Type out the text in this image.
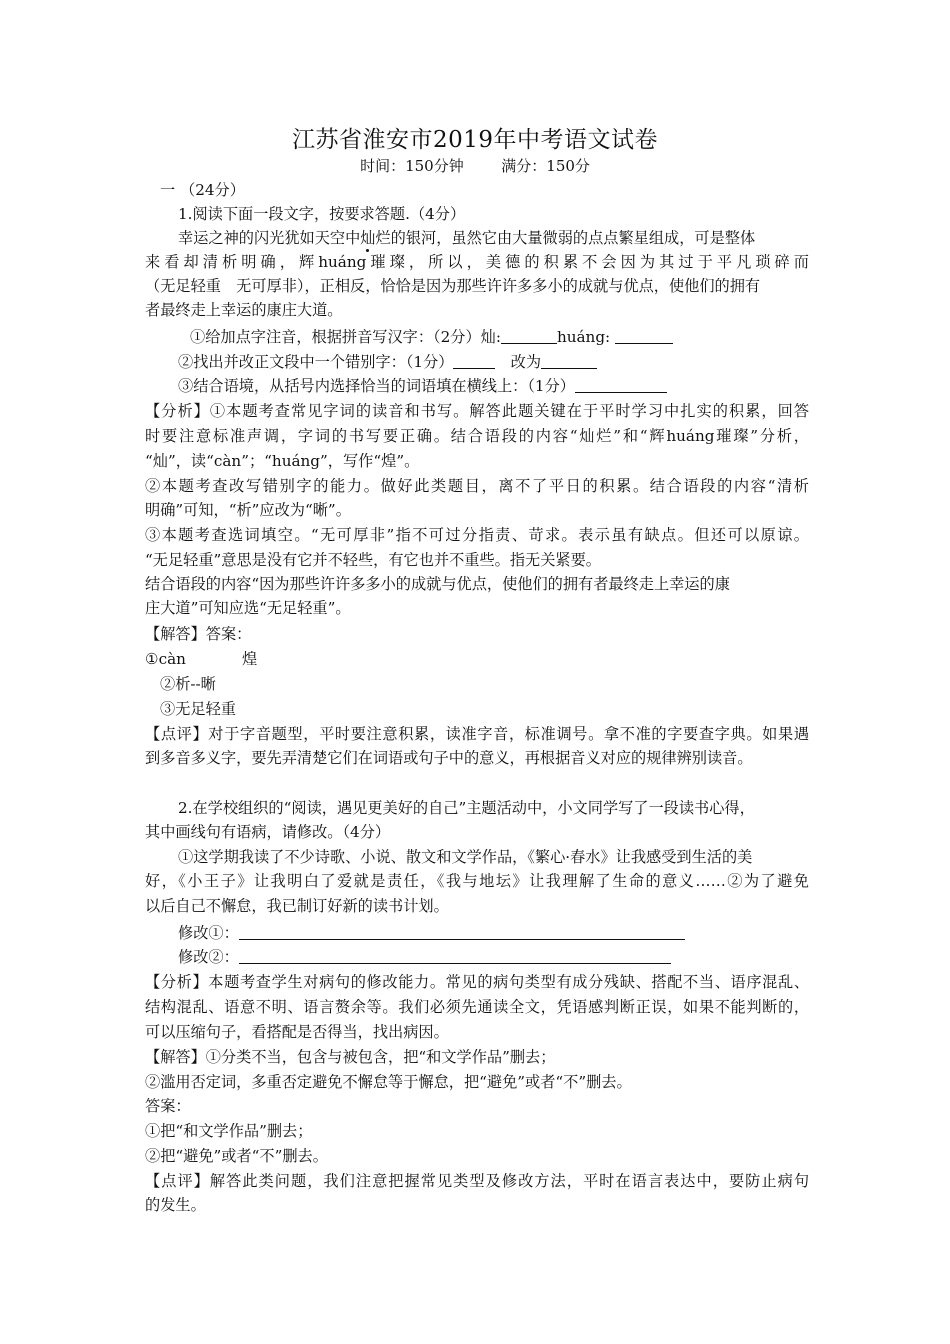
江苏省淮安市2019年中考语文试卷
时间：150分钟	满分：150分
一 （24分）
1.阅读下面一段文字，按要求答题.（4分）
幸运之神的闪光犹如天空中灿烂的银河，虽然它由大量微弱的点点繁星组成，可是整体
来看却清析明确，辉huáng璀璨，所以，美德的积累不会因为其过于平凡琐碎而
（无足轻重　无可厚非），正相反，恰恰是因为那些许许多多小的成就与优点，使他们的拥有
者最终走上幸运的康庄大道。
①给加点字注音，根据拼音写汉字：（2分）灿:	huáng:
②找出并改正文段中一个错别字：（1分）　	改为
③结合语境，从括号内选择恰当的词语填在横线上：（1分）
【分析】①本题考查常见字词的读音和书写。解答此题关键在于平时学习中扎实的积累，回答
时要注意标准声调，字词的书写要正确。结合语段的内容“灿烂”和“辉huáng璀璨”分析，
“灿”，读“càn”；“huáng”，写作“煌”。
②本题考查改写错别字的能力。做好此类题目，离不了平日的积累。结合语段的内容“清析
明确”可知，“析”应改为“晰”。
③本题考查选词填空。“无可厚非”指不可过分指责、苛求。表示虽有缺点。但还可以原谅。
“无足轻重”意思是没有它并不轻些，有它也并不重些。指无关紧要。
结合语段的内容“因为那些许许多多小的成就与优点，使他们的拥有者最终走上幸运的康
庄大道”可知应选“无足轻重”。
【解答】答案：
①càn	煌
②析--晰
③无足轻重
【点评】对于字音题型，平时要注意积累，读准字音，标准调号。拿不准的字要查字典。如果遇
到多音多义字，要先弄清楚它们在词语或句子中的意义，再根据音义对应的规律辨别读音。
2.在学校组织的“阅读，遇见更美好的自己”主题活动中，小文同学写了一段读书心得，
其中画线句有语病，请修改。（4分）
①这学期我读了不少诗歌、小说、散文和文学作品，《繁心·春水》让我感受到生活的美
好，《小王子》让我明白了爱就是责任，《我与地坛》让我理解了生命的意义……②为了避免
以后自己不懈怠，我已制订好新的读书计划。
修改①：
修改②：
【分析】本题考查学生对病句的修改能力。常见的病句类型有成分残缺、搭配不当、语序混乱、
结构混乱、语意不明、语言赘余等。我们必须先通读全文，凭语感判断正误，如果不能判断的，
可以压缩句子，看搭配是否得当，找出病因。
【解答】①分类不当，包含与被包含，把“和文学作品”删去；
②滥用否定词，多重否定避免不懈怠等于懈怠，把“避免”或者“不”删去。
答案：
①把“和文学作品”删去；
②把“避免”或者“不”删去。
【点评】解答此类问题，我们注意把握常见类型及修改方法，平时在语言表达中，要防止病句
的发生。
